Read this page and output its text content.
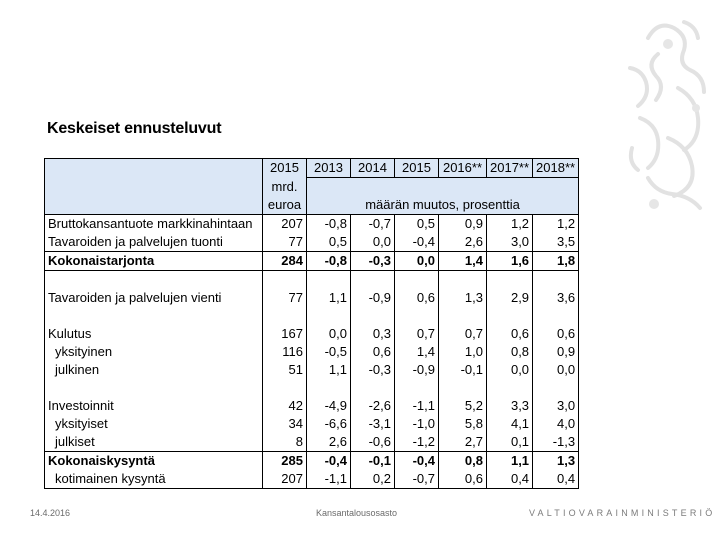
Keskeiset ennusteluvut
	2015	2013	2014	2015	2016**	2017**	2018**
	mrd.						
	euroa	määrän muutos, prosenttia					
Bruttokansantuote markkinahintaan	207	-0,8	-0,7	0,5	0,9	1,2	1,2
Tavaroiden ja palvelujen tuonti	77	0,5	0,0	-0,4	2,6	3,0	3,5
Kokonaistarjonta	284	-0,8	-0,3	0,0	1,4	1,6	1,8

Tavaroiden ja palvelujen vienti	77	1,1	-0,9	0,6	1,3	2,9	3,6

Kulutus	167	0,0	0,3	0,7	0,7	0,6	0,6
yksityinen	116	-0,5	0,6	1,4	1,0	0,8	0,9
julkinen	51	1,1	-0,3	-0,9	-0,1	0,0	0,0

Investoinnit	42	-4,9	-2,6	-1,1	5,2	3,3	3,0
yksityiset	34	-6,6	-3,1	-1,0	5,8	4,1	4,0
julkiset	8	2,6	-0,6	-1,2	2,7	0,1	-1,3
Kokonaiskysyntä	285	-0,4	-0,1	-0,4	0,8	1,1	1,3
kotimainen kysyntä	207	-1,1	0,2	-0,7	0,6	0,4	0,4
14.4.2016	Kansantalousosasto	VALTIOVARAINMINISTERIÖ
